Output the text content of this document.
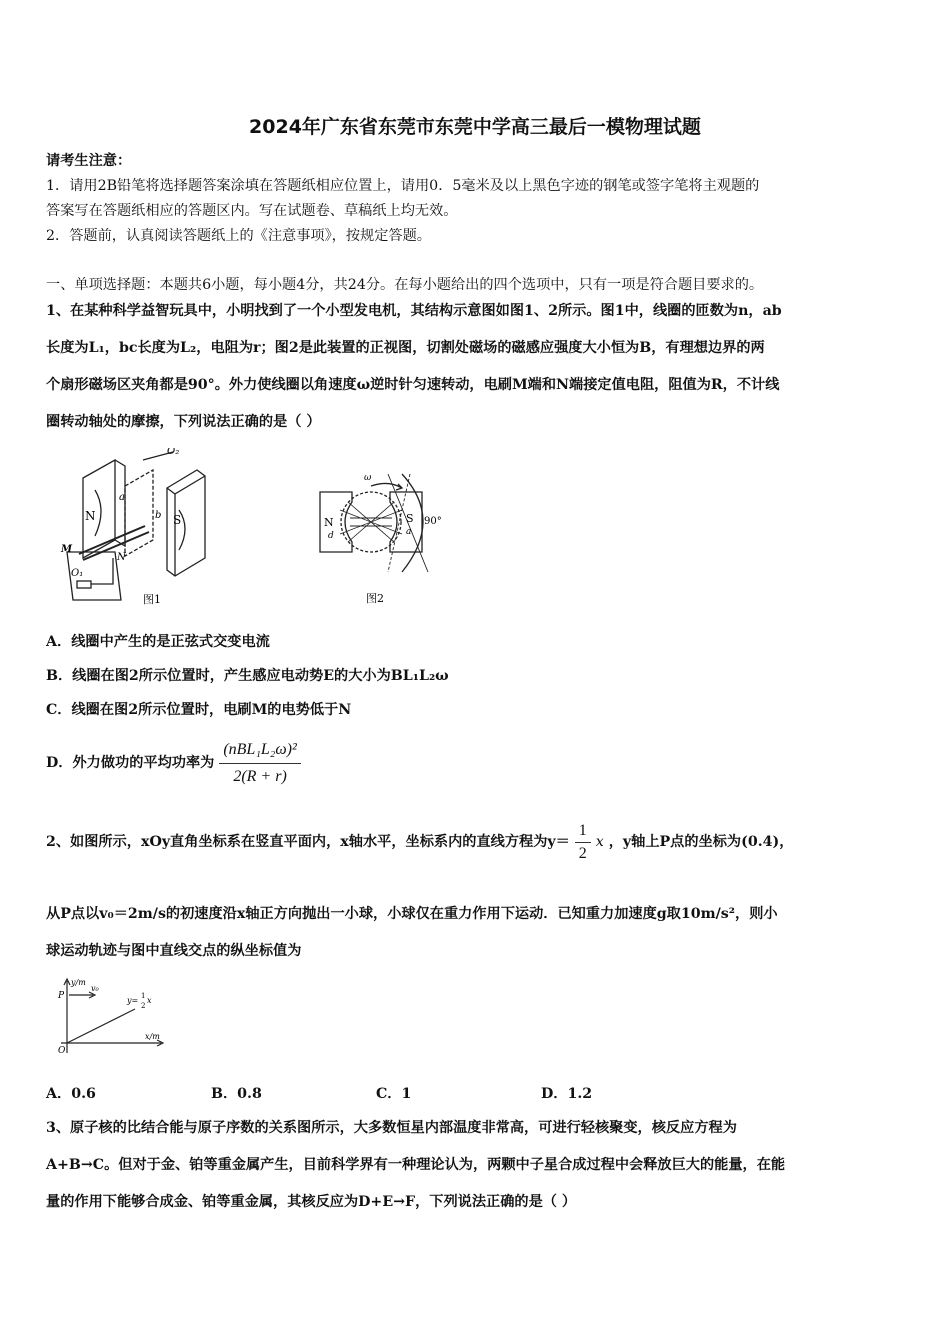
2024年广东省东莞市东莞中学高三最后一模物理试题
请考生注意：
1．请用2B铅笔将选择题答案涂填在答题纸相应位置上，请用0．5毫米及以上黑色字迹的钢笔或签字笔将主观题的
答案写在答题纸相应的答题区内。写在试题卷、草稿纸上均无效。
2．答题前，认真阅读答题纸上的《注意事项》，按规定答题。
一、单项选择题：本题共6小题，每小题4分，共24分。在每小题给出的四个选项中，只有一项是符合题目要求的。
1、在某种科学益智玩具中，小明找到了一个小型发电机，其结构示意图如图1、2所示。图1中，线圈的匝数为n，ab
长度为L₁，bc长度为L₂，电阻为r；图2是此装置的正视图，切割处磁场的磁感应强度大小恒为B，有理想边界的两
个扇形磁场区夹角都是90°。外力使线圈以角速度ω逆时针匀速转动，电刷M端和N端接定值电阻，阻值为R，不计线
圈转动轴处的摩擦，下列说法正确的是（ ）
O₂
N	S
a
b
M
N
O₁
图1
ω
N	S
a
d
90°
图2
A．线圈中产生的是正弦式交变电流
B．线圈在图2所示位置时，产生感应电动势E的大小为BL₁L₂ω
C．线圈在图2所示位置时，电刷M的电势低于N
D．外力做功的平均功率为 $\frac{\text{(nBL₁L₂ω)²}}{2(R + r)}$
2、如图所示，xOy直角坐标系在竖直平面内，x轴水平，坐标系内的直线方程为$y= \frac{1}{2}$ x ，y轴上P点的坐标为(0.4)，
从P点以v₀＝2m/s的初速度沿x轴正方向抛出一小球，小球仅在重力作用下运动．已知重力加速度g取10m/s²，则小
球运动轨迹与图中直线交点的纵坐标值为
y/m
P
v₀
y= 1
2
x
x/m
O
A．0.6	B．0.8	C．1	D．1.2
3、原子核的比结合能与原子序数的关系图所示，大多数恒星内部温度非常高，可进行轻核聚变，核反应方程为
A+B→C。但对于金、铂等重金属产生，目前科学界有一种理论认为，两颗中子星合成过程中会释放巨大的能量，在能
量的作用下能够合成金、铂等重金属，其核反应为D+E→F，下列说法正确的是（ ）
